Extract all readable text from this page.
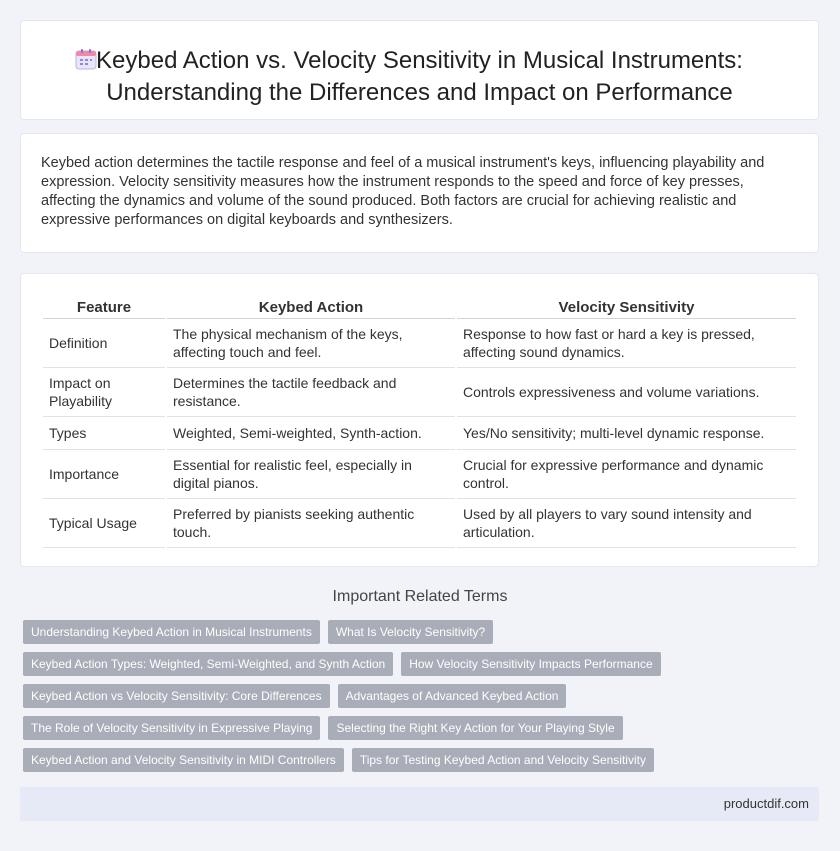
Keybed Action vs. Velocity Sensitivity in Musical Instruments: Understanding the Differences and Impact on Performance

Keybed action determines the tactile response and feel of a musical instrument's keys, influencing playability and expression. Velocity sensitivity measures how the instrument responds to the speed and force of key presses, affecting the dynamics and volume of the sound produced. Both factors are crucial for achieving realistic and expressive performances on digital keyboards and synthesizers.

Feature	Keybed Action	Velocity Sensitivity
Definition	The physical mechanism of the keys, affecting touch and feel.	Response to how fast or hard a key is pressed, affecting sound dynamics.
Impact on Playability	Determines the tactile feedback and resistance.	Controls expressiveness and volume variations.
Types	Weighted, Semi-weighted, Synth-action.	Yes/No sensitivity; multi-level dynamic response.
Importance	Essential for realistic feel, especially in digital pianos.	Crucial for expressive performance and dynamic control.
Typical Usage	Preferred by pianists seeking authentic touch.	Used by all players to vary sound intensity and articulation.
Important Related Terms
Understanding Keybed Action in Musical Instruments	What Is Velocity Sensitivity?
Keybed Action Types: Weighted, Semi-Weighted, and Synth Action	How Velocity Sensitivity Impacts Performance
Keybed Action vs Velocity Sensitivity: Core Differences	Advantages of Advanced Keybed Action
The Role of Velocity Sensitivity in Expressive Playing	Selecting the Right Key Action for Your Playing Style
Keybed Action and Velocity Sensitivity in MIDI Controllers	Tips for Testing Keybed Action and Velocity Sensitivity
productdif.com
